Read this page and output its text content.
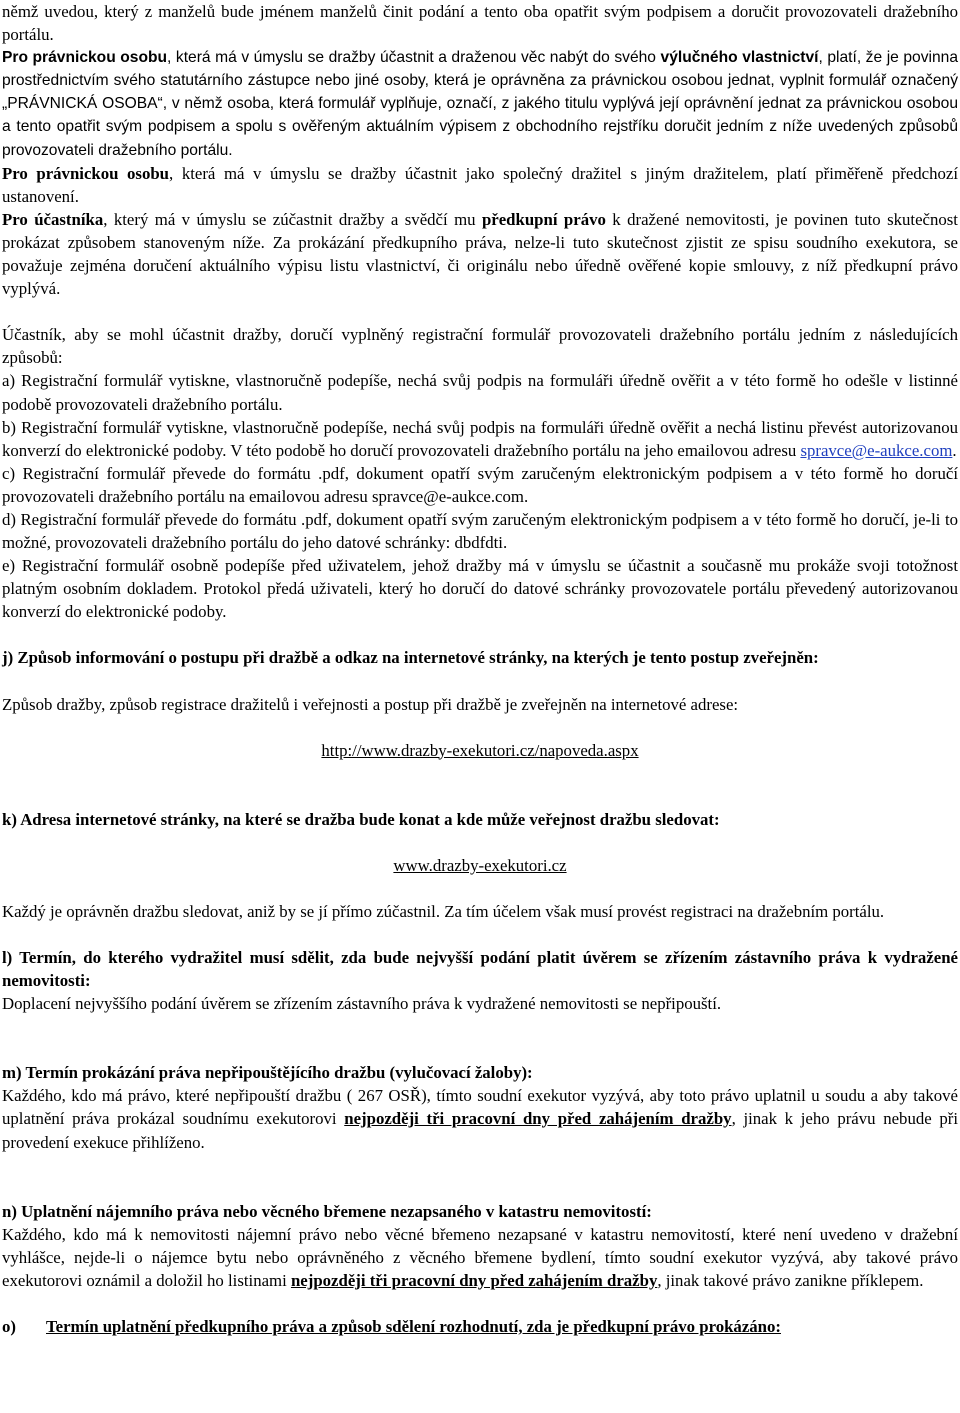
němž uvedou, který z manželů bude jménem manželů činit podání a tento oba opatřit svým podpisem a doručit provozovateli dražebního portálu.

Pro právnickou osobu, která má v úmyslu se dražby účastnit a draženou věc nabýt do svého výlučného vlastnictví, platí, že je povinna prostřednictvím svého statutárního zástupce nebo jiné osoby, která je oprávněna za právnickou osobou jednat, vyplnit formulář označený „PRÁVNICKÁ OSOBA“, v němž osoba, která formulář vyplňuje, označí, z jakého titulu vyplývá její oprávnění jednat za právnickou osobou a tento opatřit svým podpisem a spolu s ověřeným aktuálním výpisem z obchodního rejstříku doručit jedním z níže uvedených způsobů provozovateli dražebního portálu.

Pro právnickou osobu, která má v úmyslu se dražby účastnit jako společný dražitel s jiným dražitelem, platí přiměřeně předchozí ustanovení.

Pro účastníka, který má v úmyslu se zúčastnit dražby a svědčí mu předkupní právo k dražené nemovitosti, je povinen tuto skutečnost prokázat způsobem stanoveným níže. Za prokázání předkupního práva, nelze-li tuto skutečnost zjistit ze spisu soudního exekutora, se považuje zejména doručení aktuálního výpisu listu vlastnictví, či originálu nebo úředně ověřené kopie smlouvy, z níž předkupní právo vyplývá.

Účastník, aby se mohl účastnit dražby, doručí vyplněný registrační formulář provozovateli dražebního portálu jedním z následujících způsobů:

a) Registrační formulář vytiskne, vlastnoručně podepíše, nechá svůj podpis na formuláři úředně ověřit a v této formě ho odešle v listinné podobě provozovateli dražebního portálu.

b) Registrační formulář vytiskne, vlastnoručně podepíše, nechá svůj podpis na formuláři úředně ověřit a nechá listinu převést autorizovanou konverzí do elektronické podoby. V této podobě ho doručí provozovateli dražebního portálu na jeho emailovou adresu spravce@e-aukce.com.

c) Registrační formulář převede do formátu .pdf, dokument opatří svým zaručeným elektronickým podpisem a v této formě ho doručí provozovateli dražebního portálu na emailovou adresu spravce@e-aukce.com.

d) Registrační formulář převede do formátu .pdf, dokument opatří svým zaručeným elektronickým podpisem a v této formě ho doručí, je-li to možné, provozovateli dražebního portálu do jeho datové schránky: dbdfdti.

e) Registrační formulář osobně podepíše před uživatelem, jehož dražby má v úmyslu se účastnit a současně mu prokáže svoji totožnost platným osobním dokladem. Protokol předá uživateli, který ho doručí do datové schránky provozovatele portálu převedený autorizovanou konverzí do elektronické podoby.

j) Způsob informování o postupu při dražbě a odkaz na internetové stránky, na kterých je tento postup zveřejněn:

Způsob dražby, způsob registrace dražitelů i veřejnosti a postup při dražbě je zveřejněn na internetové adrese:

http://www.drazby-exekutori.cz/napoveda.aspx

k) Adresa internetové stránky, na které se dražba bude konat a kde může veřejnost dražbu sledovat:

www.drazby-exekutori.cz

Každý je oprávněn dražbu sledovat, aniž by se jí přímo zúčastnil. Za tím účelem však musí provést registraci na dražebním portálu.

l) Termín, do kterého vydražitel musí sdělit, zda bude nejvyšší podání platit úvěrem se zřízením zástavního práva k vydražené nemovitosti:

Doplacení nejvyššího podání úvěrem se zřízením zástavního práva k vydražené nemovitosti se nepřipouští.

m) Termín prokázání práva nepřipouštějícího dražbu (vylučovací žaloby):

Každého, kdo má právo, které nepřipouští dražbu ( 267 OSŘ), tímto soudní exekutor vyzývá, aby toto právo uplatnil u soudu a aby takové uplatnění práva prokázal soudnímu exekutorovi nejpozději tři pracovní dny před zahájením dražby, jinak k jeho právu nebude při provedení exekuce přihlíženo.

n) Uplatnění nájemního práva nebo věcného břemene nezapsaného v katastru nemovitostí:

Každého, kdo má k nemovitosti nájemní právo nebo věcné břemeno nezapsané v katastru nemovitostí, které není uvedeno v dražební vyhlášce, nejde-li o nájemce bytu nebo oprávněného z věcného břemene bydlení, tímto soudní exekutor vyzývá, aby takové právo exekutorovi oznámil a doložil ho listinami nejpozději tři pracovní dny před zahájením dražby, jinak takové právo zanikne příklepem.

o) Termín uplatnění předkupního práva a způsob sdělení rozhodnutí, zda je předkupní právo prokázáno:
